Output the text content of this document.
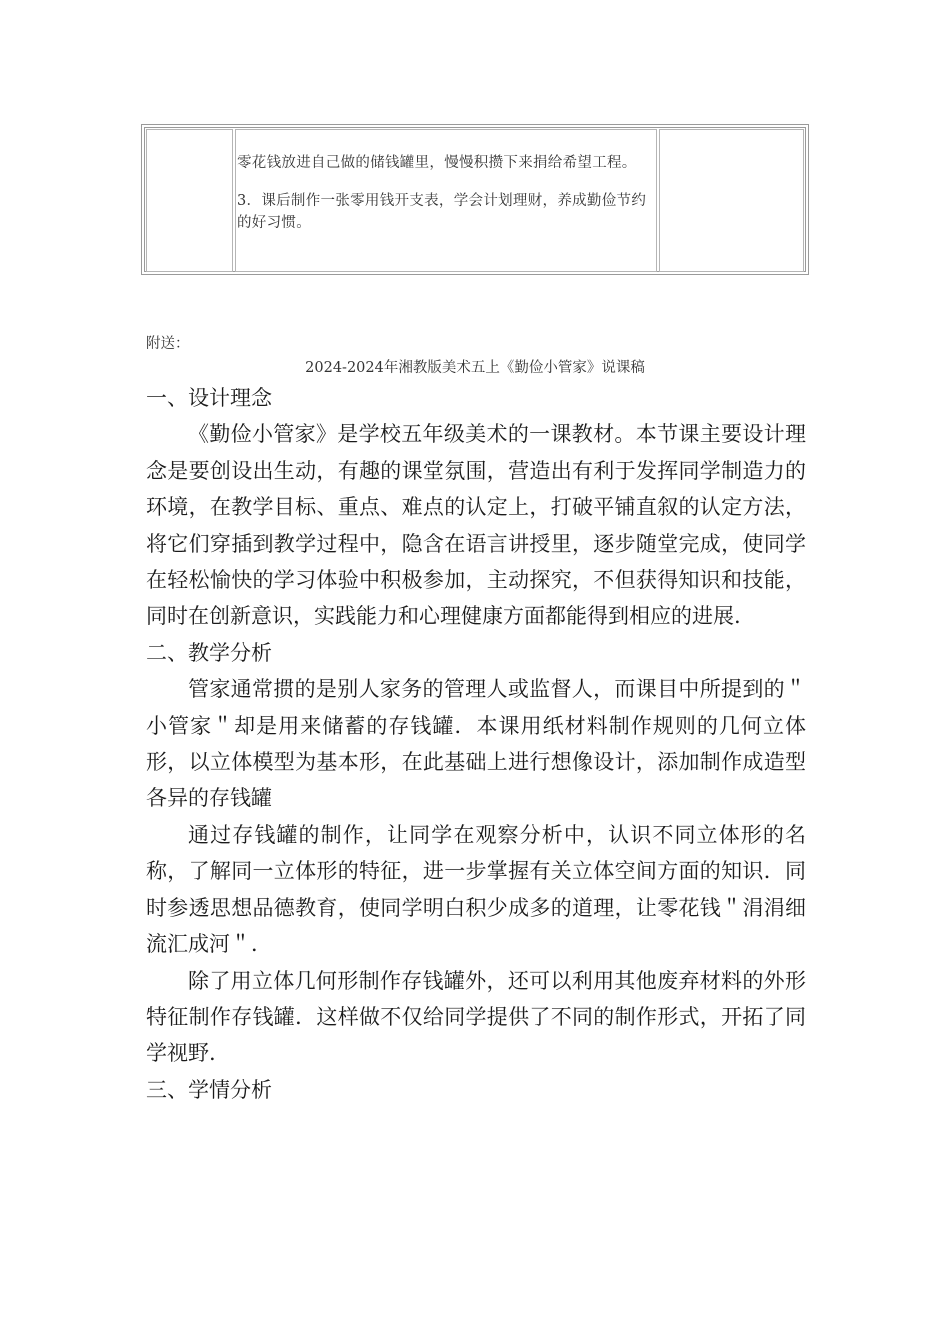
零花钱放进自己做的储钱罐里，慢慢积攒下来捐给希望工程。

3．课后制作一张零用钱开支表，学会计划理财，养成勤俭节约的好习惯。

附送：
2024-2024年湘教版美术五上《勤俭小管家》说课稿

一、设计理念

《勤俭小管家》是学校五年级美术的一课教材。本节课主要设计理念是要创设出生动，有趣的课堂氛围，营造出有利于发挥同学制造力的环境，在教学目标、重点、难点的认定上，打破平铺直叙的认定方法，将它们穿插到教学过程中，隐含在语言讲授里，逐步随堂完成，使同学在轻松愉快的学习体验中积极参加，主动探究，不但获得知识和技能，同时在创新意识，实践能力和心理健康方面都能得到相应的进展.

二、教学分析

管家通常掼的是别人家务的管理人或监督人，而课目中所提到的＂小管家＂却是用来储蓄的存钱罐．本课用纸材料制作规则的几何立体形，以立体模型为基本形，在此基础上进行想像设计，添加制作成造型各异的存钱罐

通过存钱罐的制作，让同学在观察分析中，认识不同立体形的名称，了解同一立体形的特征，进一步掌握有关立体空间方面的知识．同时参透思想品德教育，使同学明白积少成多的道理，让零花钱＂涓涓细流汇成河＂．

除了用立体几何形制作存钱罐外，还可以利用其他废弃材料的外形特征制作存钱罐．这样做不仅给同学提供了不同的制作形式，开拓了同学视野.

三、学情分析
